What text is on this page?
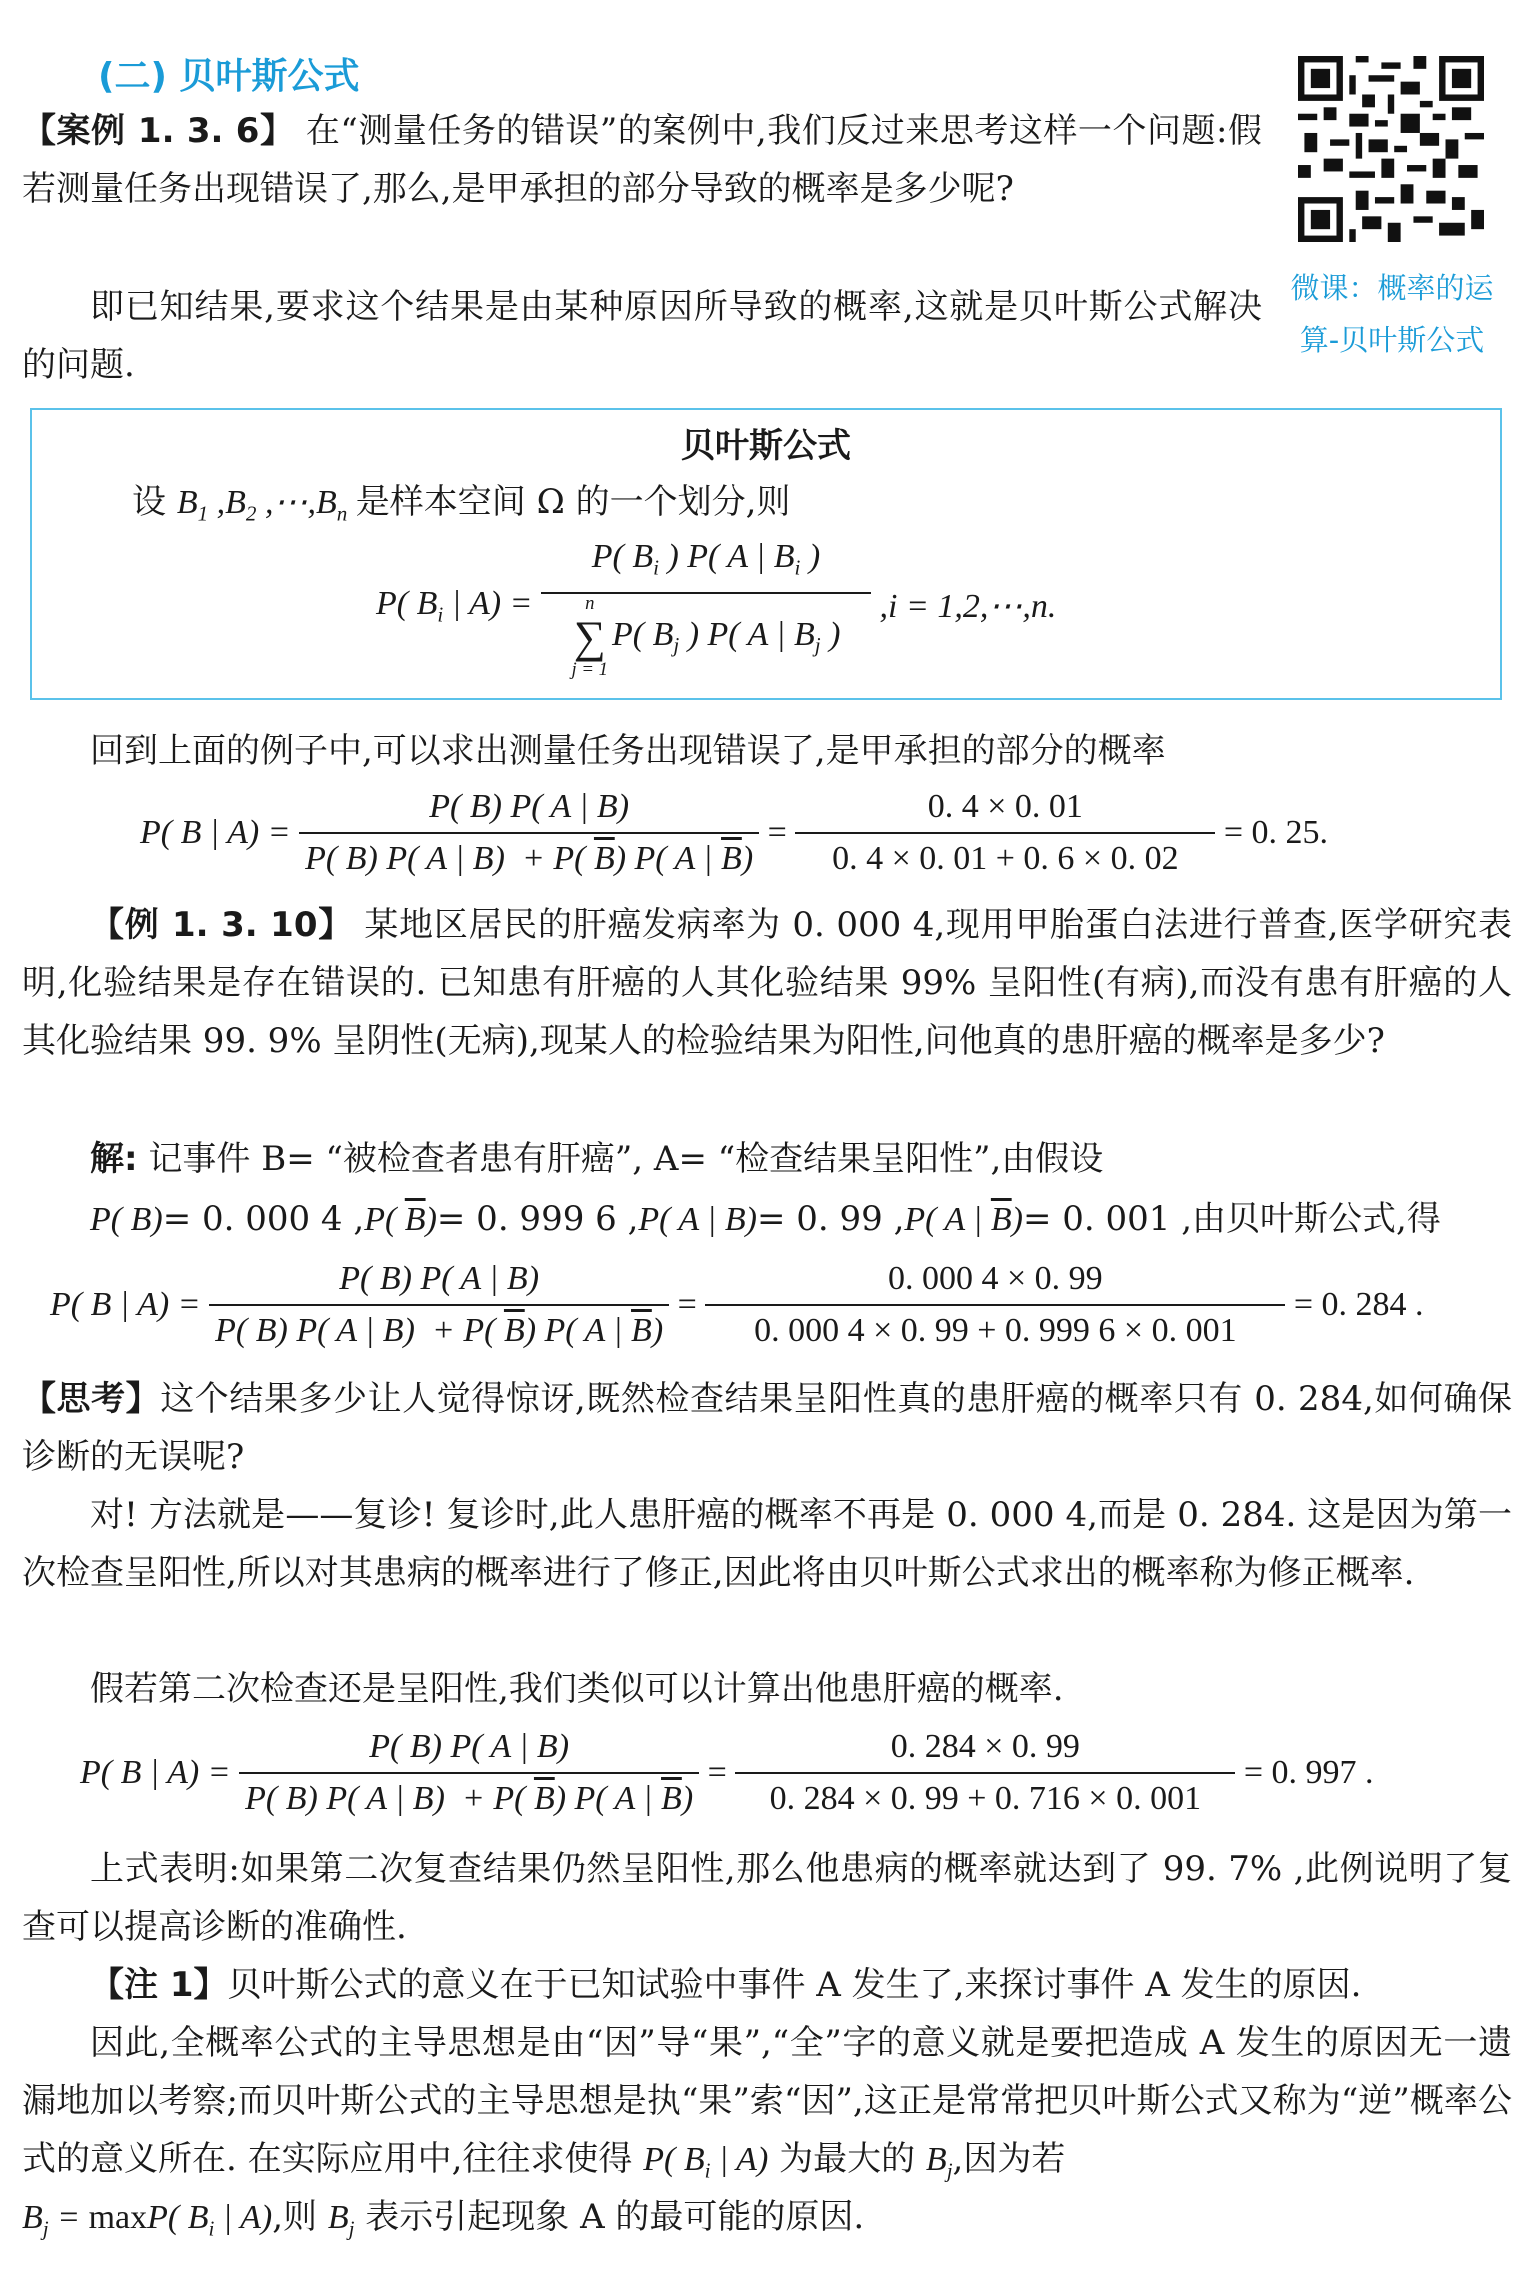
(二) 贝叶斯公式
微课：概率的运
算-贝叶斯公式
【案例 1. 3. 6】 在“测量任务的错误”的案例中,我们反过来思考这样一个问题:假若测量任务出现错误了,那么,是甲承担的部分导致的概率是多少呢?
即已知结果,要求这个结果是由某种原因所导致的概率,这就是贝叶斯公式解决的问题.
贝叶斯公式
设 $B_1$ $,B_2$ $,\cdots,B_n$ 是样本空间 Ω 的一个划分,则
P( $B_i$ | A) = P( $B_i$ ) P( A | $B_i$ )
n
∑
j = 1P( $B_j$ ) P( A | $B_j$ ) ,i = 1,2,⋯,n.
回到上面的例子中,可以求出测量任务出现错误了,是甲承担的部分的概率
P( B | $A) = \frac{P( B) P( A | B)}{P( B) P( A | B) + P( \overline{B}) P( A | \overline{B})} = \frac{0. 4 \times 0. 01}{0. 4 \times 0. 01 + 0. 6 \times 0. 02} = 0$. 25.
【例 1. 3. 10】 某地区居民的肝癌发病率为 0. 000 4,现用甲胎蛋白法进行普查,医学研究表明,化验结果是存在错误的. 已知患有肝癌的人其化验结果 99% 呈阳性(有病),而没有患有肝癌的人其化验结果 99. 9% 呈阴性(无病),现某人的检验结果为阳性,问他真的患肝癌的概率是多少?
解: 记事件 B= “被检查者患有肝癌”, A= “检查结果呈阳性”,由假设
P( B)= 0. 000 4 ,P( $\overline{B})= 0$. 999 6 ,P( A | B)= 0. 99 ,P( A | $\overline{B})= 0$. 001 ,由贝叶斯公式,得
P( B | $A) = \frac{P( B) P( A | B)}{P( B) P( A | B) + P( \overline{B}) P( A | \overline{B})} = \frac{0. 000 4 \times 0. 99}{0. 000 4 \times 0. 99 + 0. 999 6 \times 0. 001} = 0$. 284 .
【思考】这个结果多少让人觉得惊讶,既然检查结果呈阳性真的患肝癌的概率只有 0. 284,如何确保诊断的无误呢?
对! 方法就是——复诊! 复诊时,此人患肝癌的概率不再是 0. 000 4,而是 0. 284. 这是因为第一次检查呈阳性,所以对其患病的概率进行了修正,因此将由贝叶斯公式求出的概率称为修正概率.
假若第二次检查还是呈阳性,我们类似可以计算出他患肝癌的概率.
P( B | $A) = \frac{P( B) P( A | B)}{P( B) P( A | B) + P( \overline{B}) P( A | \overline{B})} = \frac{0. 284 \times 0. 99}{0. 284 \times 0. 99 + 0. 716 \times 0. 001} = 0$. 997 .
上式表明:如果第二次复查结果仍然呈阳性,那么他患病的概率就达到了 99. 7% ,此例说明了复查可以提高诊断的准确性.
【注 1】贝叶斯公式的意义在于已知试验中事件 A 发生了,来探讨事件 A 发生的原因.
因此,全概率公式的主导思想是由“因”导“果”,“全”字的意义就是要把造成 A 发生的原因无一遗漏地加以考察;而贝叶斯公式的主导思想是执“果”索“因”,这正是常常把贝叶斯公式又称为“逆”概率公式的意义所在. 在实际应用中,往往求使得 P( $B_i$ | A) 为最大的 $B_j$,因为若
$B_j = \max P$( $B_i$ | A),则 $B_j$ 表示引起现象 A 的最可能的原因.
